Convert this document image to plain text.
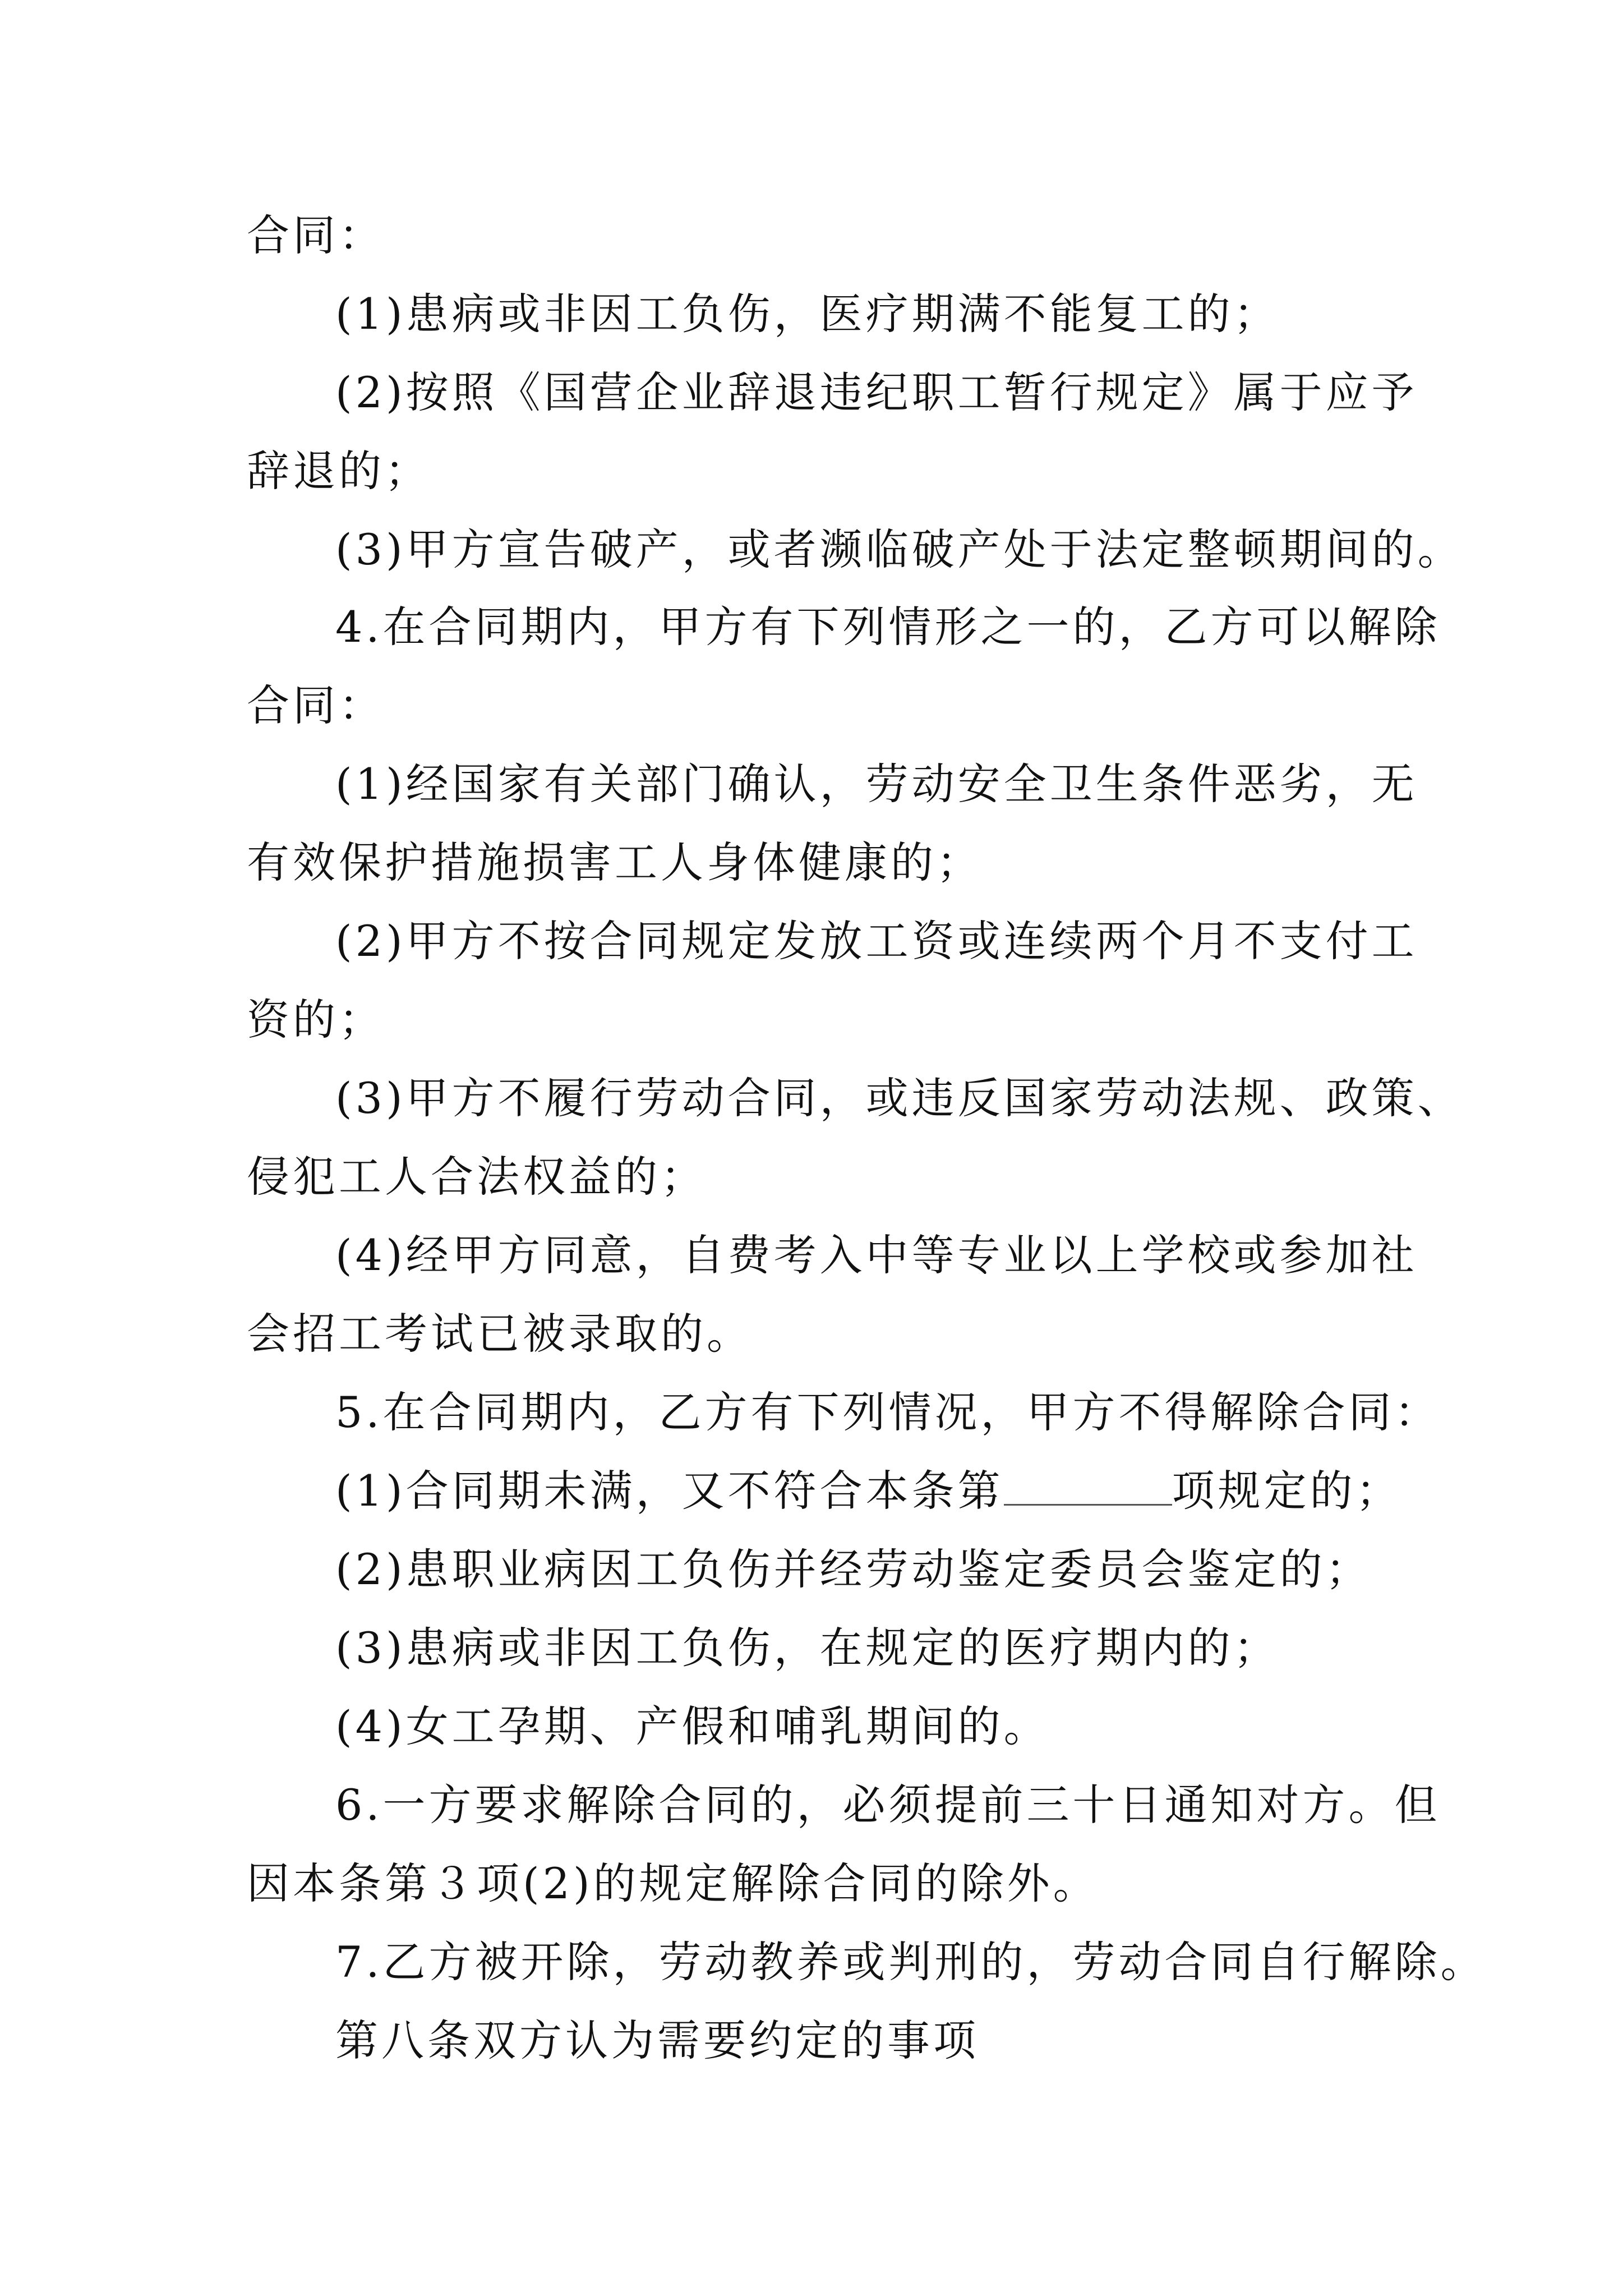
合同：
(1)患病或非因工负伤，医疗期满不能复工的；
(2)按照《国营企业辞退违纪职工暂行规定》属于应予
辞退的；
(3)甲方宣告破产，或者濒临破产处于法定整顿期间的。
4.在合同期内，甲方有下列情形之一的，乙方可以解除
合同：
(1)经国家有关部门确认，劳动安全卫生条件恶劣，无
有效保护措施损害工人身体健康的；
(2)甲方不按合同规定发放工资或连续两个月不支付工
资的；
(3)甲方不履行劳动合同，或违反国家劳动法规、政策、
侵犯工人合法权益的；
(4)经甲方同意，自费考入中等专业以上学校或参加社
会招工考试已被录取的。
5.在合同期内，乙方有下列情况，甲方不得解除合同：
(1)合同期未满，又不符合本条第	项规定的；
(2)患职业病因工负伤并经劳动鉴定委员会鉴定的；
(3)患病或非因工负伤，在规定的医疗期内的；
(4)女工孕期、产假和哺乳期间的。
6.一方要求解除合同的，必须提前三十日通知对方。但
因本条第３项(2)的规定解除合同的除外。
7.乙方被开除，劳动教养或判刑的，劳动合同自行解除。
第八条双方认为需要约定的事项
